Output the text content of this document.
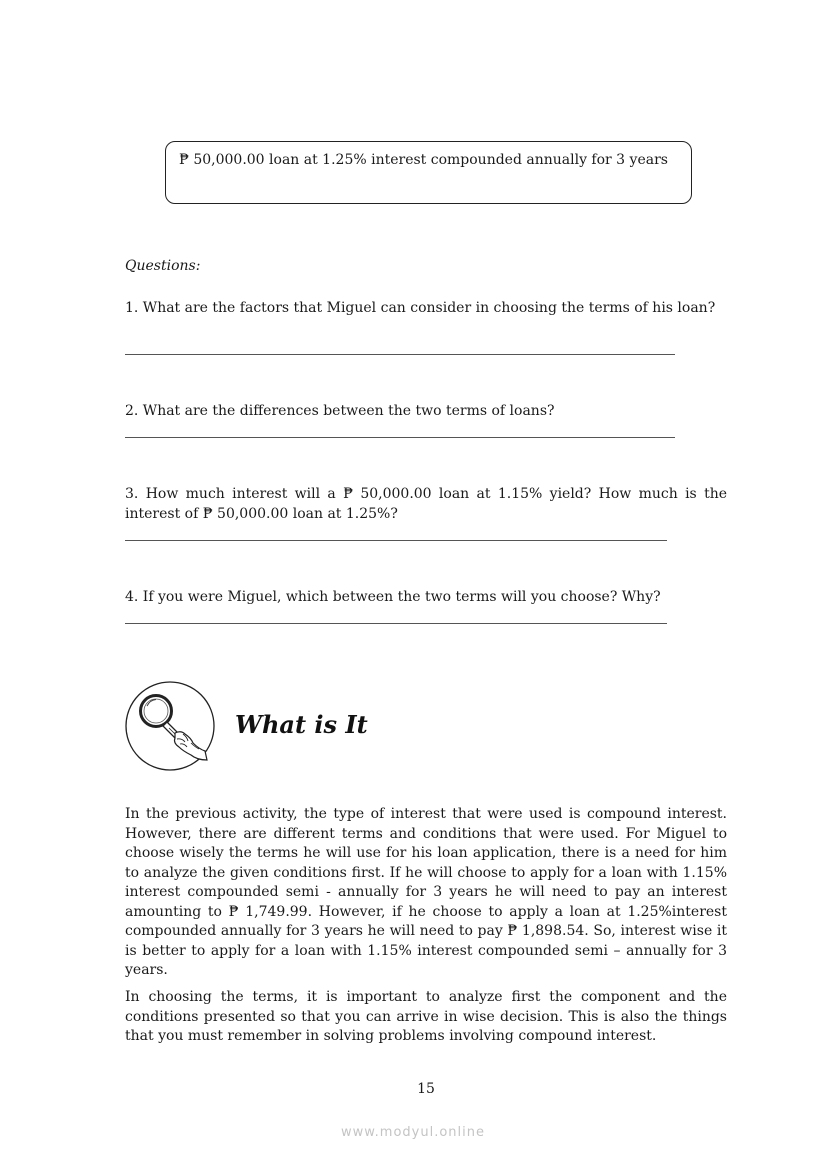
₱ 50,000.00 loan at 1.25% interest compounded annually for 3 years
Questions:
1. What are the factors that Miguel can consider in choosing the terms of his loan?
2. What are the differences between the two terms of loans?
3. How much interest will a ₱ 50,000.00 loan at 1.15% yield? How much is the interest of ₱ 50,000.00 loan at 1.25%?
4. If you were Miguel, which between the two terms will you choose? Why?
What is It

In the previous activity, the type of interest that were used is compound interest. However, there are different terms and conditions that were used. For Miguel to choose wisely the terms he will use for his loan application, there is a need for him to analyze the given conditions first. If he will choose to apply for a loan with 1.15% interest compounded semi - annually for 3 years he will need to pay an interest amounting to ₱ 1,749.99. However, if he choose to apply a loan at 1.25%interest compounded annually for 3 years he will need to pay ₱ 1,898.54. So, interest wise it is better to apply for a loan with 1.15% interest compounded semi – annually for 3 years.

In choosing the terms, it is important to analyze first the component and the conditions presented so that you can arrive in wise decision. This is also the things that you must remember in solving problems involving compound interest.

15
www.modyul.online
